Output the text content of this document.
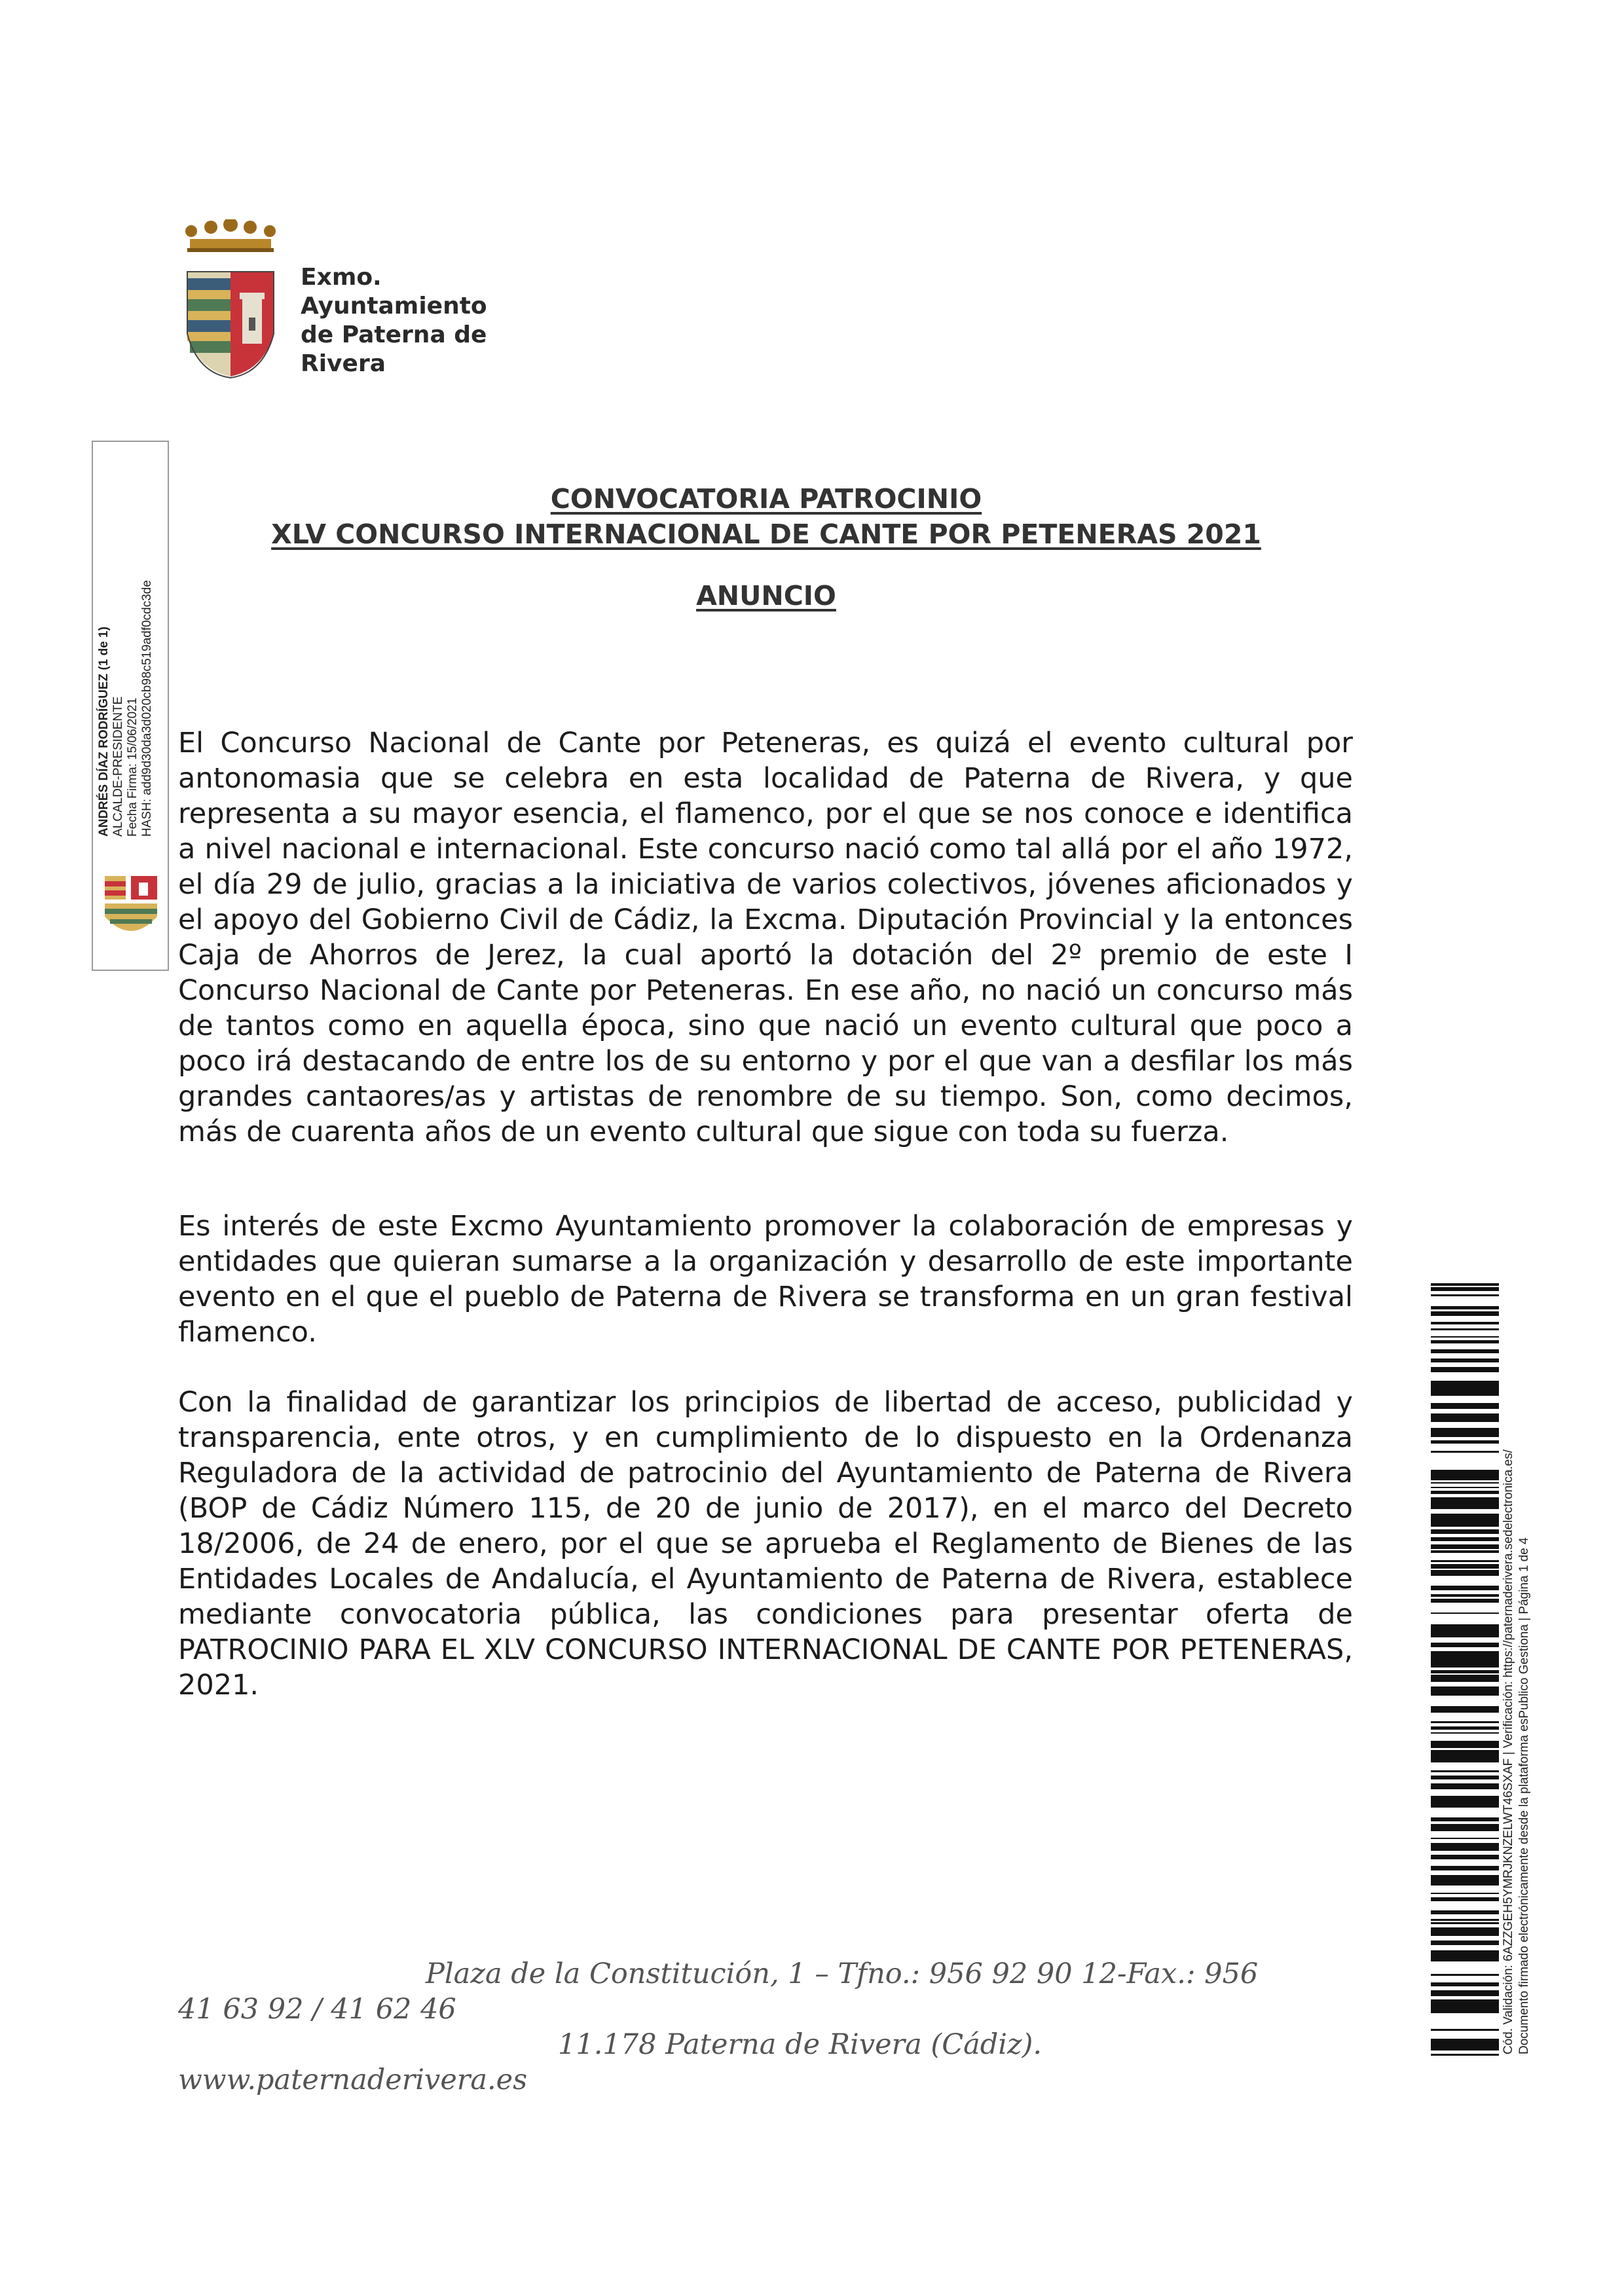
Exmo.
Ayuntamiento
de Paterna de
Rivera
ANDRÉS DÍAZ RODRÍGUEZ (1 de 1) ALCALDE-PRESIDENTE Fecha Firma: 15/06/2021 HASH: add9d30da3d020cb98c519adf0cdc3de
CONVOCATORIA PATROCINIO
XLV CONCURSO INTERNACIONAL DE CANTE POR PETENERAS 2021
ANUNCIO

El Concurso Nacional de Cante por Peteneras, es quizá el evento cultural por antonomasia que se celebra en esta localidad de Paterna de Rivera, y que representa a su mayor esencia, el flamenco, por el que se nos conoce e identifica a nivel nacional e internacional. Este concurso nació como tal allá por el año 1972, el día 29 de julio, gracias a la iniciativa de varios colectivos, jóvenes aficionados y el apoyo del Gobierno Civil de Cádiz, la Excma. Diputación Provincial y la entonces Caja de Ahorros de Jerez, la cual aportó la dotación del 2º premio de este I Concurso Nacional de Cante por Peteneras. En ese año, no nació un concurso más de tantos como en aquella época, sino que nació un evento cultural que poco a poco irá destacando de entre los de su entorno y por el que van a desfilar los más grandes cantaores/as y artistas de renombre de su tiempo. Son, como decimos, más de cuarenta años de un evento cultural que sigue con toda su fuerza.

Es interés de este Excmo Ayuntamiento promover la colaboración de empresas y entidades que quieran sumarse a la organización y desarrollo de este importante evento en el que el pueblo de Paterna de Rivera se transforma en un gran festival flamenco.

Con la finalidad de garantizar los principios de libertad de acceso, publicidad y transparencia, ente otros, y en cumplimiento de lo dispuesto en la Ordenanza Reguladora de la actividad de patrocinio del Ayuntamiento de Paterna de Rivera (BOP de Cádiz Número 115, de 20 de junio de 2017), en el marco del Decreto 18/2006, de 24 de enero, por el que se aprueba el Reglamento de Bienes de las Entidades Locales de Andalucía, el Ayuntamiento de Paterna de Rivera, establece mediante convocatoria pública, las condiciones para presentar oferta de PATROCINIO PARA EL XLV CONCURSO INTERNACIONAL DE CANTE POR PETENERAS, 2021.

Plaza de la Constitución, 1 – Tfno.: 956 92 90 12-Fax.: 956
41 63 92 / 41 62 46
11.178 Paterna de Rivera (Cádiz).
www.paternaderivera.es
Cód. Validación: 6AZZGEH5YMRJKNZELWT46SXAF | Verificación: https://paternaderivera.sedelectronica.es/ Documento firmado electrónicamente desde la plataforma esPublico Gestiona | Página 1 de 4
